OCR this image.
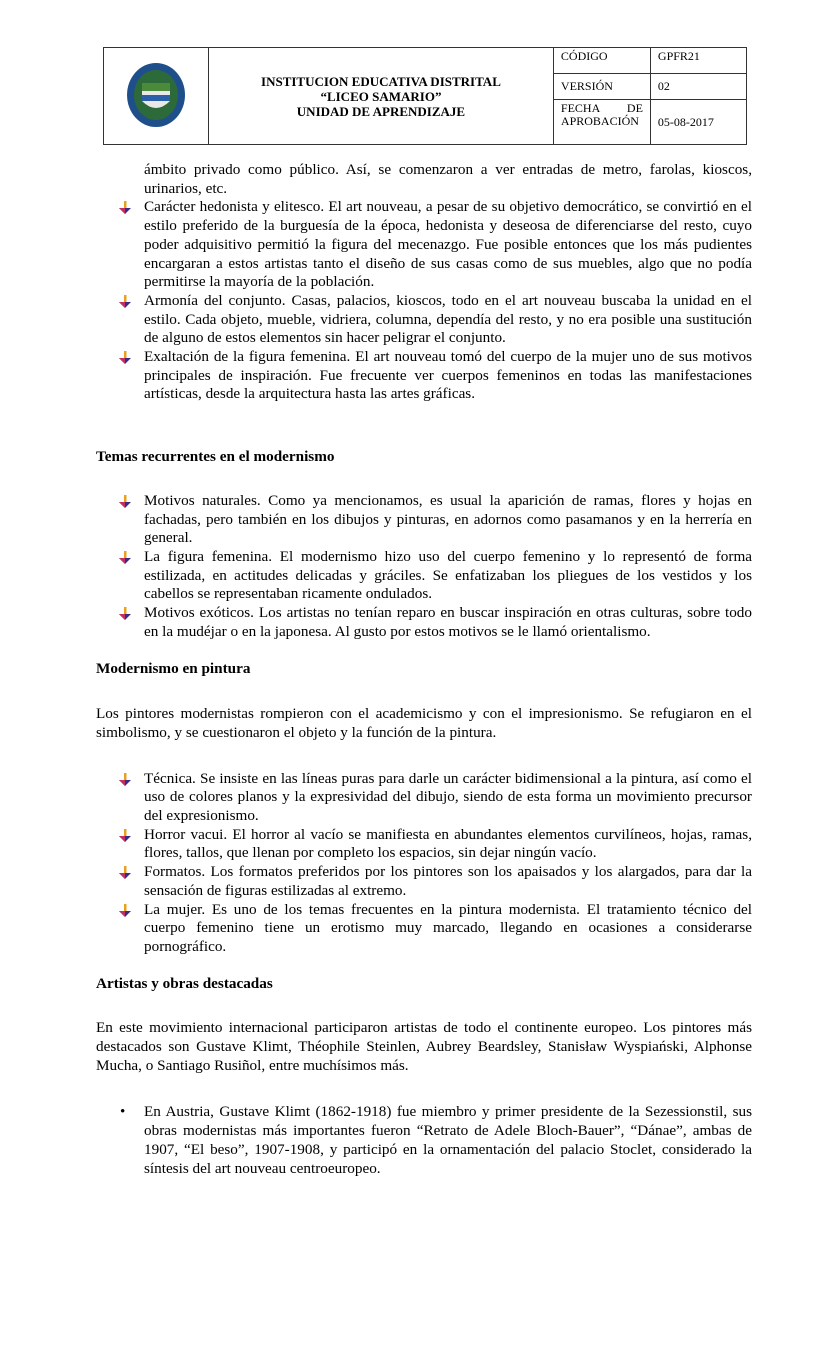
INSTITUCION EDUCATIVA DISTRITAL
“LICEO SAMARIO”
UNIDAD DE APRENDIZAJE	CÓDIGO	GPFR21
		VERSIÓN	02

		FECHA DE
APROBACIÓN	05-08-2017
ámbito privado como público. Así, se comenzaron a ver entradas de metro, farolas, kioscos, urinarios, etc.
Carácter hedonista y elitesco. El art nouveau, a pesar de su objetivo democrático, se convirtió en el estilo preferido de la burguesía de la época, hedonista y deseosa de diferenciarse del resto, cuyo poder adquisitivo permitió la figura del mecenazgo. Fue posible entonces que los más pudientes encargaran a estos artistas tanto el diseño de sus casas como de sus muebles, algo que no podía permitirse la mayoría de la población.
Armonía del conjunto. Casas, palacios, kioscos, todo en el art nouveau buscaba la unidad en el estilo. Cada objeto, mueble, vidriera, columna, dependía del resto, y no era posible una sustitución de alguno de estos elementos sin hacer peligrar el conjunto.
Exaltación de la figura femenina. El art nouveau tomó del cuerpo de la mujer uno de sus motivos principales de inspiración. Fue frecuente ver cuerpos femeninos en todas las manifestaciones artísticas, desde la arquitectura hasta las artes gráficas.
Temas recurrentes en el modernismo
Motivos naturales. Como ya mencionamos, es usual la aparición de ramas, flores y hojas en fachadas, pero también en los dibujos y pinturas, en adornos como pasamanos y en la herrería en general.
La figura femenina. El modernismo hizo uso del cuerpo femenino y lo representó de forma estilizada, en actitudes delicadas y gráciles. Se enfatizaban los pliegues de los vestidos y los cabellos se representaban ricamente ondulados.
Motivos exóticos. Los artistas no tenían reparo en buscar inspiración en otras culturas, sobre todo en la mudéjar o en la japonesa. Al gusto por estos motivos se le llamó orientalismo.
Modernismo en pintura

Los pintores modernistas rompieron con el academicismo y con el impresionismo. Se refugiaron en el simbolismo, y se cuestionaron el objeto y la función de la pintura.

Técnica. Se insiste en las líneas puras para darle un carácter bidimensional a la pintura, así como el uso de colores planos y la expresividad del dibujo, siendo de esta forma un movimiento precursor del expresionismo.
Horror vacui. El horror al vacío se manifiesta en abundantes elementos curvilíneos, hojas, ramas, flores, tallos, que llenan por completo los espacios, sin dejar ningún vacío.
Formatos. Los formatos preferidos por los pintores son los apaisados y los alargados, para dar la sensación de figuras estilizadas al extremo.
La mujer. Es uno de los temas frecuentes en la pintura modernista. El tratamiento técnico del cuerpo femenino tiene un erotismo muy marcado, llegando en ocasiones a considerarse pornográfico.
Artistas y obras destacadas

En este movimiento internacional participaron artistas de todo el continente europeo. Los pintores más destacados son Gustave Klimt, Théophile Steinlen, Aubrey Beardsley, Stanisław Wyspiański, Alphonse Mucha, o Santiago Rusiñol, entre muchísimos más.

• En Austria, Gustave Klimt (1862-1918) fue miembro y primer presidente de la Sezessionstil, sus obras modernistas más importantes fueron “Retrato de Adele Bloch-Bauer”, “Dánae”, ambas de 1907, “El beso”, 1907-1908, y participó en la ornamentación del palacio Stoclet, considerado la síntesis del art nouveau centroeuropeo.
